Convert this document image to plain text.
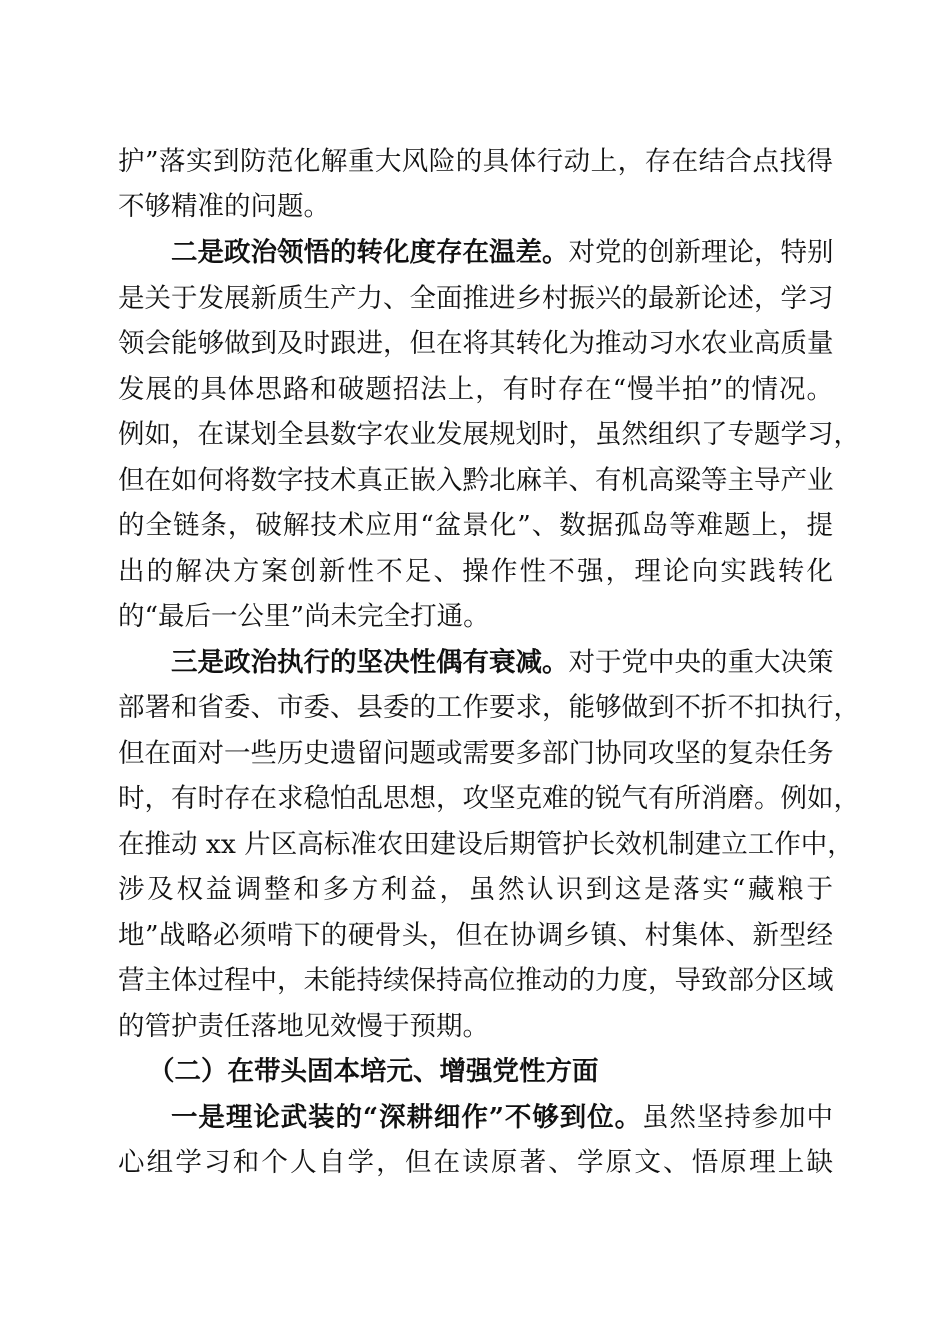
护”落实到防范化解重大风险的具体行动上，存在结合点找得
不够精准的问题。
二是政治领悟的转化度存在温差。对党的创新理论，特别
是关于发展新质生产力、全面推进乡村振兴的最新论述，学习
领会能够做到及时跟进，但在将其转化为推动习水农业高质量
发展的具体思路和破题招法上，有时存在“慢半拍”的情况。
例如，在谋划全县数字农业发展规划时，虽然组织了专题学习，
但在如何将数字技术真正嵌入黔北麻羊、有机高粱等主导产业
的全链条，破解技术应用“盆景化”、数据孤岛等难题上，提
出的解决方案创新性不足、操作性不强，理论向实践转化
的“最后一公里”尚未完全打通。
三是政治执行的坚决性偶有衰减。对于党中央的重大决策
部署和省委、市委、县委的工作要求，能够做到不折不扣执行，
但在面对一些历史遗留问题或需要多部门协同攻坚的复杂任务
时，有时存在求稳怕乱思想，攻坚克难的锐气有所消磨。例如，
在推动 xx 片区高标准农田建设后期管护长效机制建立工作中，
涉及权益调整和多方利益，虽然认识到这是落实“藏粮于
地”战略必须啃下的硬骨头，但在协调乡镇、村集体、新型经
营主体过程中，未能持续保持高位推动的力度，导致部分区域
的管护责任落地见效慢于预期。
（二）在带头固本培元、增强党性方面
一是理论武装的“深耕细作”不够到位。虽然坚持参加中
心组学习和个人自学，但在读原著、学原文、悟原理上缺
